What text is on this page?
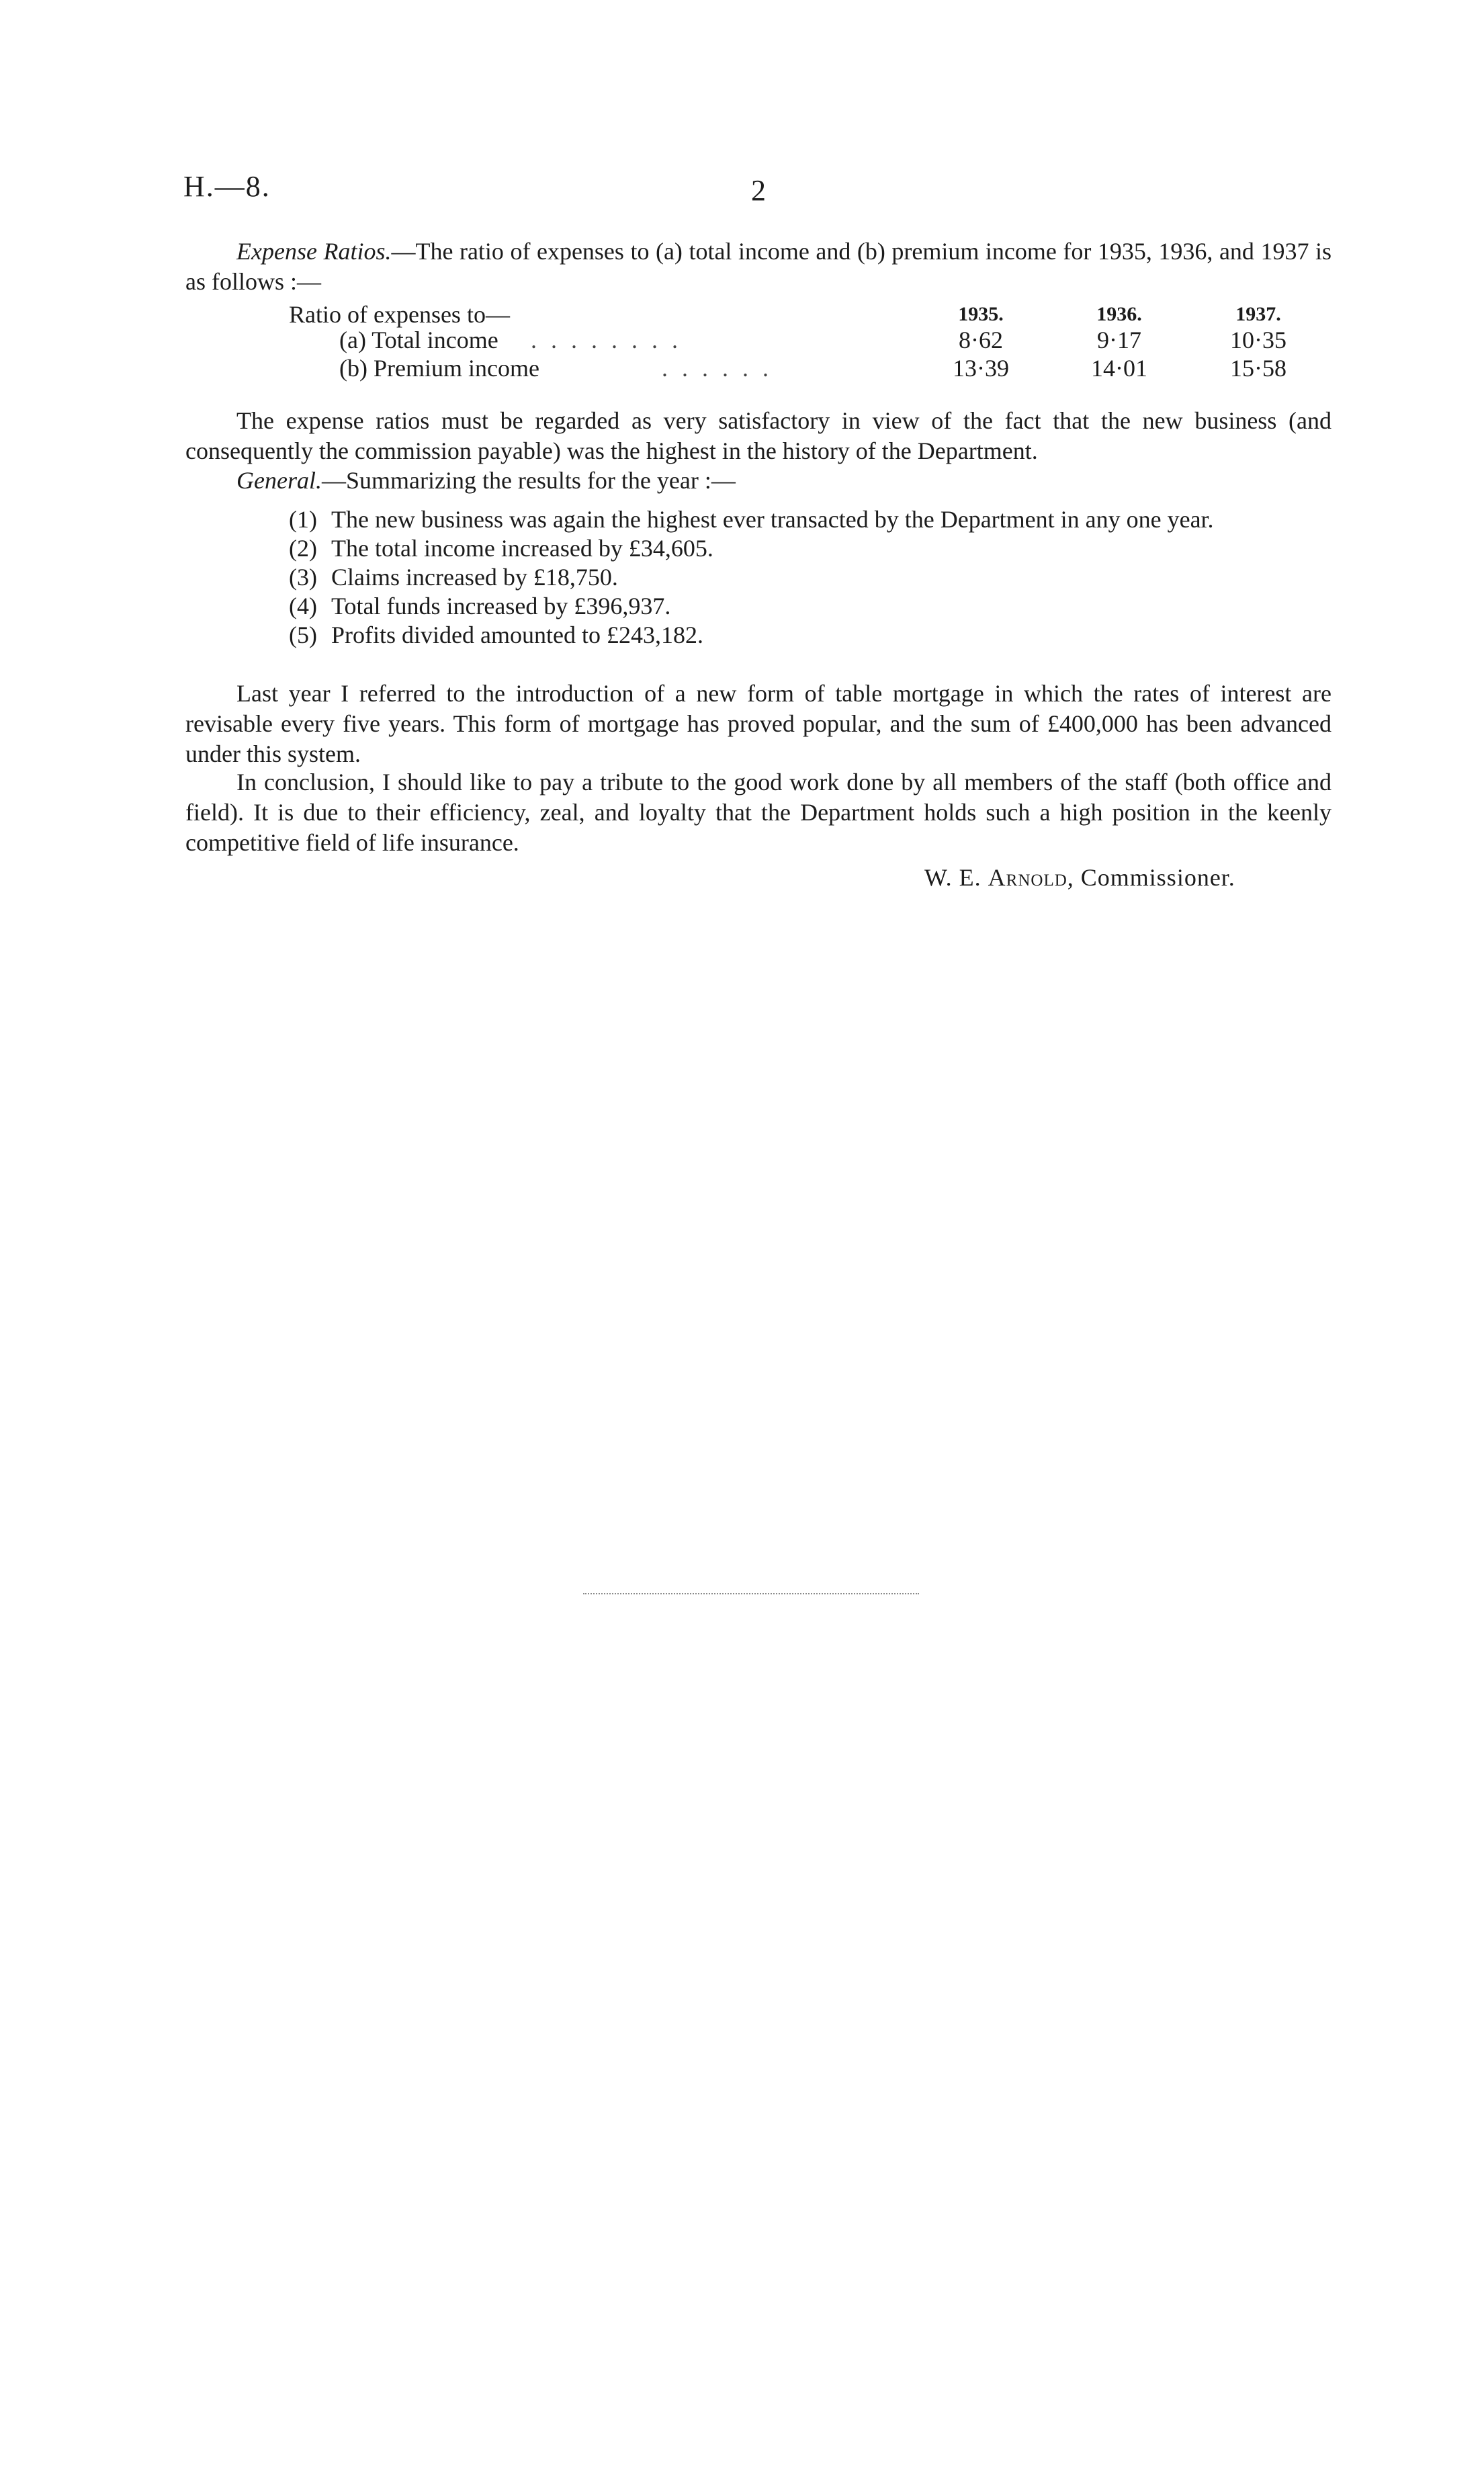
H.—8.	2
Expense Ratios.—The ratio of expenses to (a) total income and (b) premium income for 1935, 1936, and 1937 is as follows :—
Ratio of expenses to—	1935.	1936.	1937.
(a) Total income . . . . . . . .	8·62	9·17	10·35
(b) Premium income	. . . . . .	13·39	14·01	15·58
The expense ratios must be regarded as very satisfactory in view of the fact that the new business (and consequently the commission payable) was the highest in the history of the Department.
General.—Summarizing the results for the year :—
(1) The new business was again the highest ever transacted by the Department in any one year.
(2) The total income increased by £34,605.
(3) Claims increased by £18,750.
(4) Total funds increased by £396,937.
(5) Profits divided amounted to £243,182.
Last year I referred to the introduction of a new form of table mortgage in which the rates of interest are revisable every five years. This form of mortgage has proved popular, and the sum of £400,000 has been advanced under this system.
In conclusion, I should like to pay a tribute to the good work done by all members of the staff (both office and field). It is due to their efficiency, zeal, and loyalty that the Department holds such a high position in the keenly competitive field of life insurance.
W. E. Arnold, Commissioner.
